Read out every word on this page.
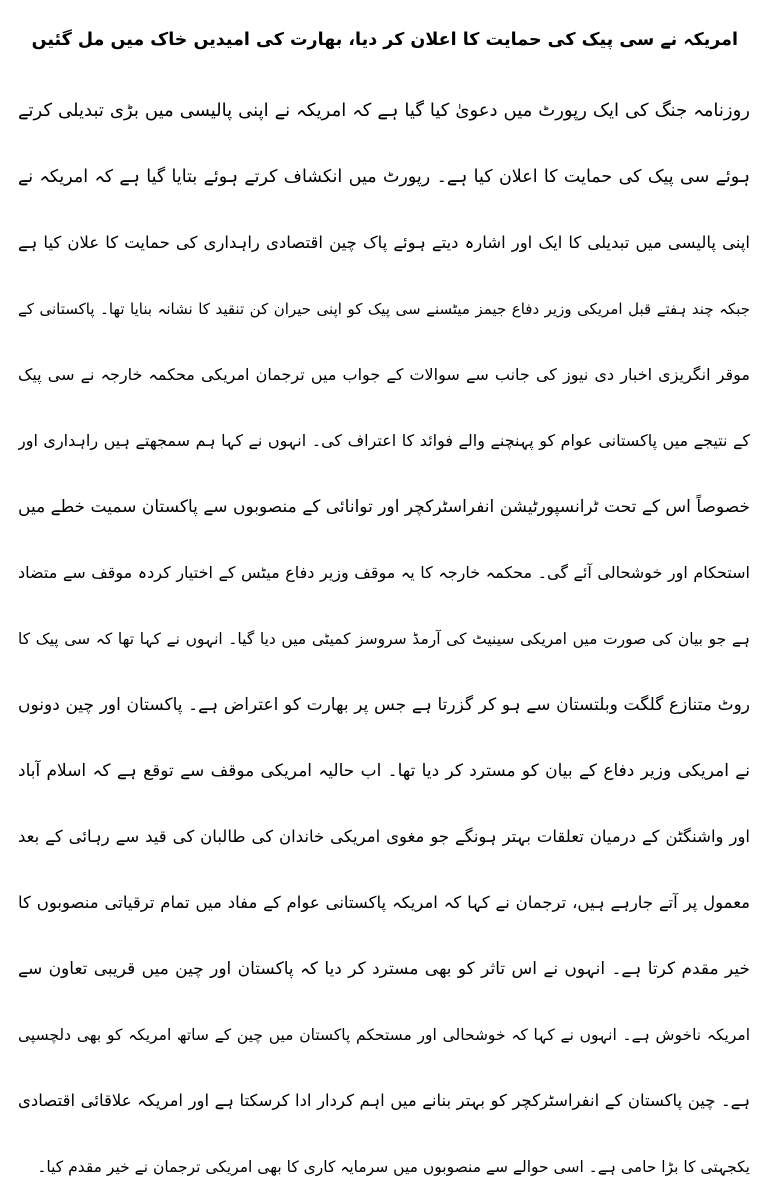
امریکہ نے سی پیک کی حمایت کا اعلان کر دیا، بھارت کی امیدیں خاک میں مل گئیں
روزنامہ جنگ کی ایک رپورٹ میں دعویٰ کیا گیا ہے کہ امریکہ نے اپنی پالیسی میں بڑی تبدیلی کرتے
ہوئے سی پیک کی حمایت کا اعلان کیا ہے۔ رپورٹ میں انکشاف کرتے ہوئے بتایا گیا ہے کہ امریکہ نے
اپنی پالیسی میں تبدیلی کا ایک اور اشارہ دیتے ہوئے پاک چین اقتصادی راہداری کی حمایت کا علان کیا ہے
جبکہ چند ہفتے قبل امریکی وزیر دفاع جیمز میٹسنے سی پیک کو اپنی حیران کن تنقید کا نشانہ بنایا تھا۔ پاکستانی کے
موقر انگریزی اخبار دی نیوز کی جانب سے سوالات کے جواب میں ترجمان امریکی محکمہ خارجہ نے سی پیک
کے نتیجے میں پاکستانی عوام کو پہنچنے والے فوائد کا اعتراف کی۔ انہوں نے کہا ہم سمجھتے ہیں راہداری اور
خصوصاً اس کے تحت ٹرانسپورٹیشن انفراسٹرکچر اور توانائی کے منصوبوں سے پاکستان سمیت خطے میں
استحکام اور خوشحالی آئے گی۔ محکمہ خارجہ کا یہ موقف وزیر دفاع میٹس کے اختیار کردہ موقف سے متضاد
ہے جو بیان کی صورت میں امریکی سینیٹ کی آرمڈ سروسز کمیٹی میں دیا گیا۔ انہوں نے کہا تھا کہ سی پیک کا
روٹ متنازع گلگت وبلتستان سے ہو کر گزرتا ہے جس پر بھارت کو اعتراض ہے۔ پاکستان اور چین دونوں
نے امریکی وزیر دفاع کے بیان کو مسترد کر دیا تھا۔ اب حالیہ امریکی موقف سے توقع ہے کہ اسلام آباد
اور واشنگٹن کے درمیان تعلقات بہتر ہونگے جو مغوی امریکی خاندان کی طالبان کی قید سے رہائی کے بعد
معمول پر آتے جارہے ہیں، ترجمان نے کہا کہ امریکہ پاکستانی عوام کے مفاد میں تمام ترقیاتی منصوبوں کا
خیر مقدم کرتا ہے۔ انہوں نے اس تاثر کو بھی مسترد کر دیا کہ پاکستان اور چین میں قریبی تعاون سے
امریکہ ناخوش ہے۔ انہوں نے کہا کہ خوشحالی اور مستحکم پاکستان میں چین کے ساتھ امریکہ کو بھی دلچسپی
ہے۔ چین پاکستان کے انفراسٹرکچر کو بہتر بنانے میں اہم کردار ادا کرسکتا ہے اور امریکہ علاقائی اقتصادی
یکجہتی کا بڑا حامی ہے۔ اسی حوالے سے منصوبوں میں سرمایہ کاری کا بھی امریکی ترجمان نے خیر مقدم کیا۔
